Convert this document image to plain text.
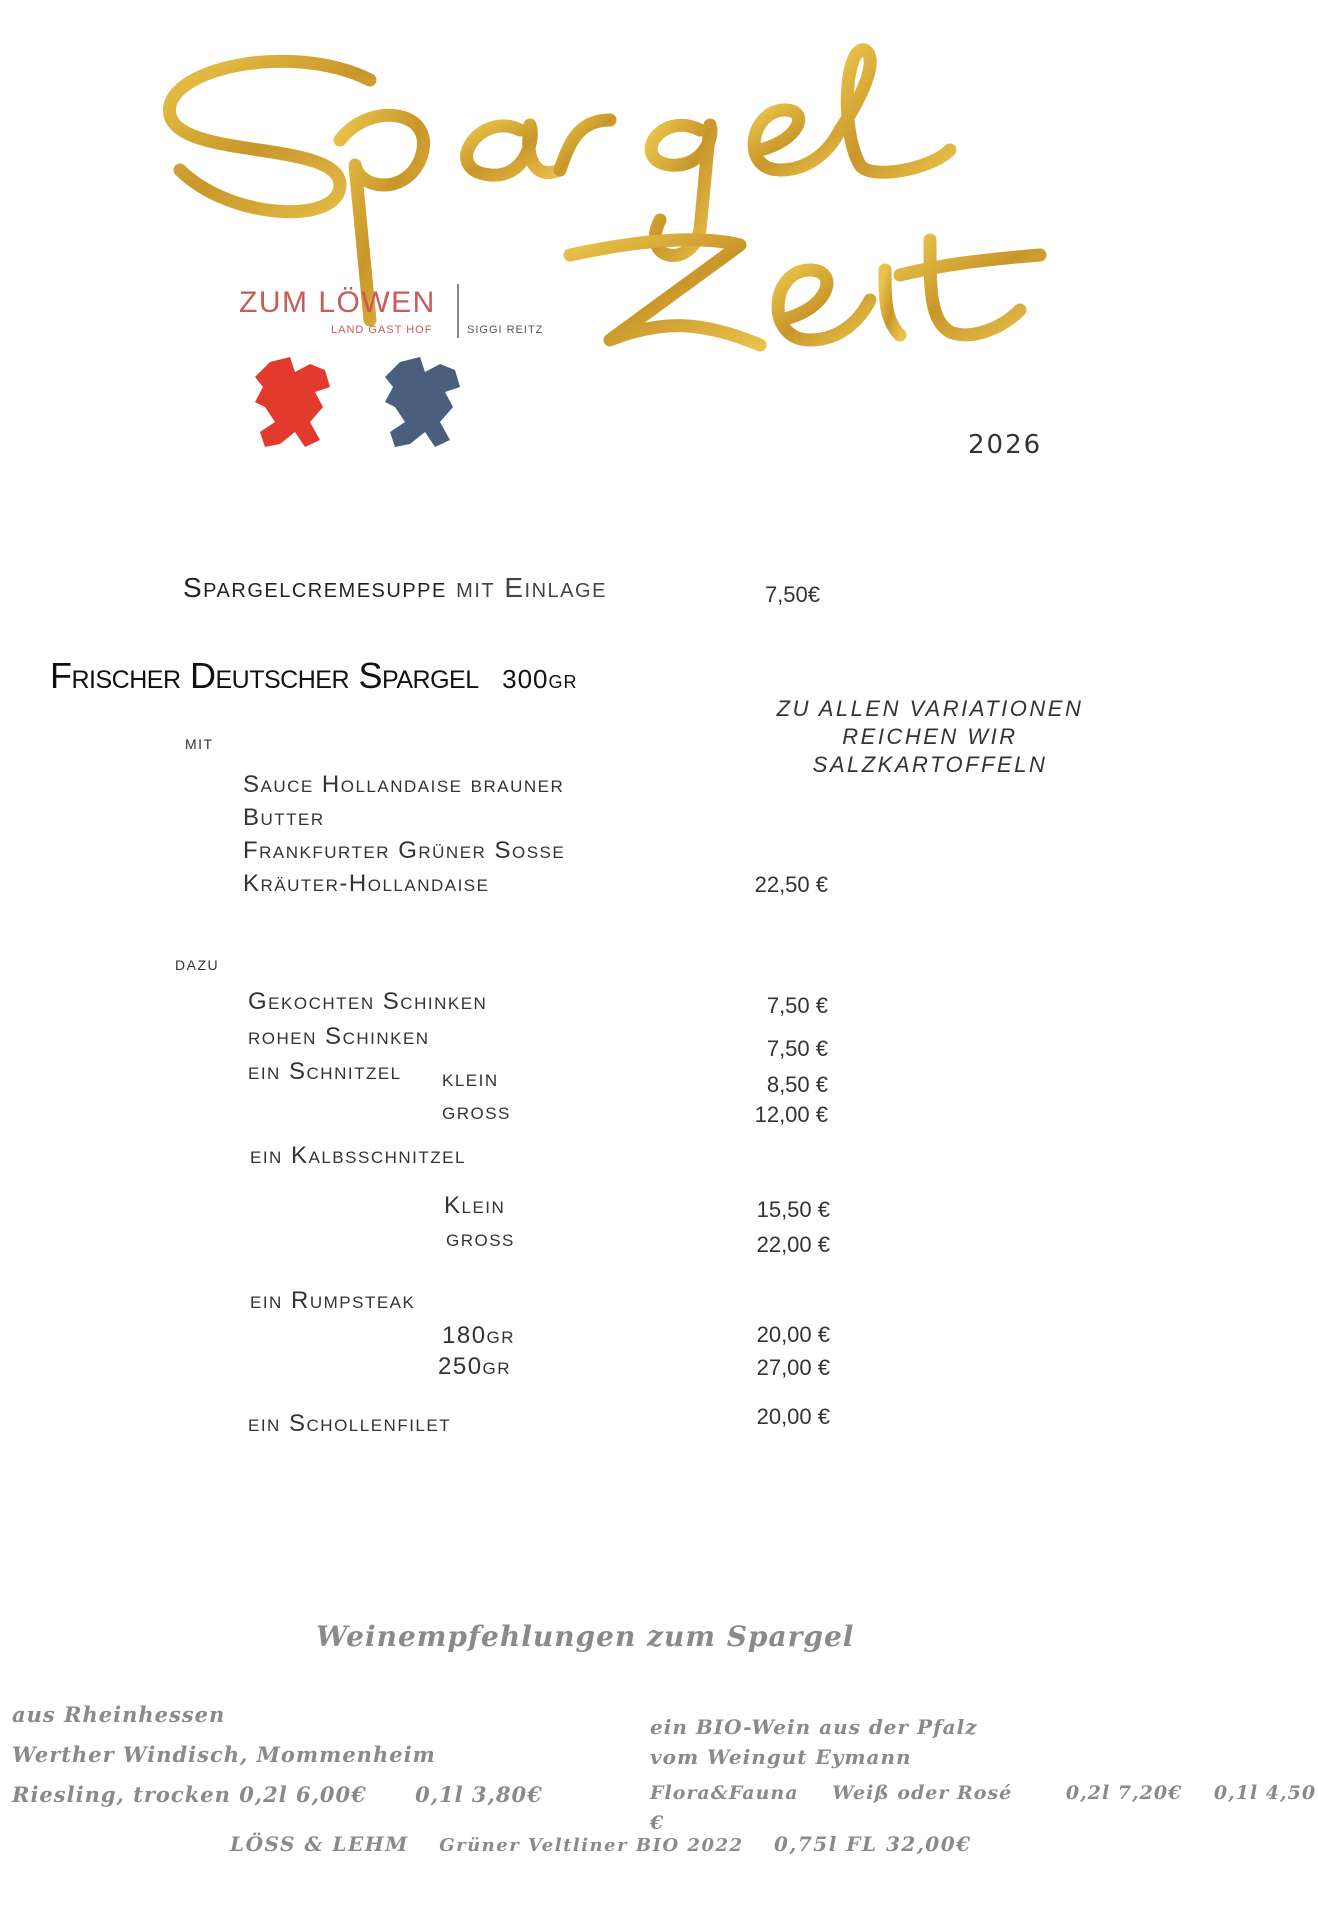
2026
ZUM LÖWEN
LAND GAST HOF	SIGGI REITZ
Spargelcremesuppe mit Einlage	7,50€
Frischer Deutscher Spargel 300gr
ZU ALLEN VARIATIONEN
REICHEN WIR
SALZKARTOFFELN
mit
Sauce Hollandaise brauner
Butter
Frankfurter Grüner Sosse
Kräuter-Hollandaise	22,50 €
dazu
Gekochten Schinken	7,50 €
rohen Schinken	7,50 €
ein Schnitzel klein	8,50 €
gross	12,00 €
ein Kalbsschnitzel
Klein	15,50 €
gross	22,00 €
ein Rumpsteak
180gr	20,00 €
250gr	27,00 €
ein Schollenfilet	20,00 €
Weinempfehlungen zum Spargel
aus Rheinhessen
Werther Windisch, Mommenheim
Riesling, trocken 0,2l 6,00€ 0,1l 3,80€
ein BIO-Wein aus der Pfalz
vom Weingut Eymann
Flora&Fauna Weiß oder Rosé	0,2l 7,20€ 0,1l 4,50 €
LÖSS & LEHM Grüner Veltliner BIO 2022 0,75l FL 32,00€
